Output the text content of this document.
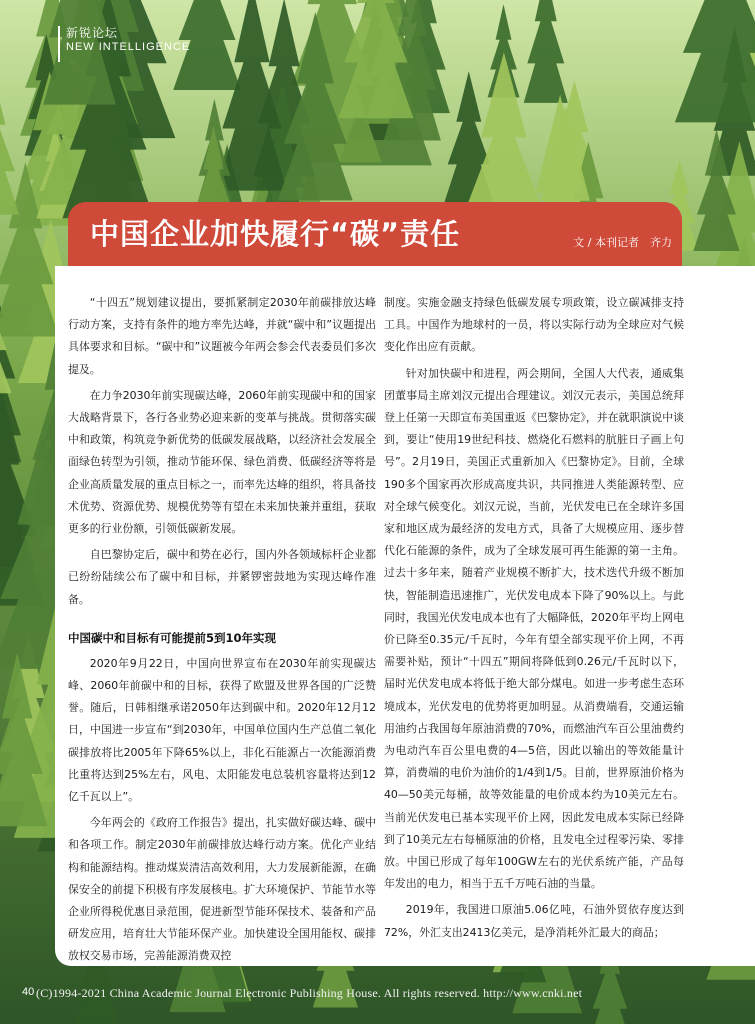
新锐论坛
NEW INTELLIGENCE
中国企业加快履行“碳”责任	文 / 本刊记者　齐力

“十四五”规划建议提出，要抓紧制定2030年前碳排放达峰行动方案，支持有条件的地方率先达峰，并就“碳中和”议题提出具体要求和目标。“碳中和”议题被今年两会参会代表委员们多次提及。

在力争2030年前实现碳达峰，2060年前实现碳中和的国家大战略背景下，各行各业势必迎来新的变革与挑战。贯彻落实碳中和政策，构筑竞争新优势的低碳发展战略，以经济社会发展全面绿色转型为引领，推动节能环保、绿色消费、低碳经济等将是企业高质量发展的重点目标之一，而率先达峰的组织，将具备技术优势、资源优势、规模优势等有望在未来加快兼并重组，获取更多的行业份额，引领低碳新发展。

自巴黎协定后，碳中和势在必行，国内外各领域标杆企业都已纷纷陆续公布了碳中和目标，并紧锣密鼓地为实现达峰作准备。

中国碳中和目标有可能提前5到10年实现

2020年9月22日，中国向世界宣布在2030年前实现碳达峰、2060年前碳中和的目标，获得了欧盟及世界各国的广泛赞誉。随后，日韩相继承诺2050年达到碳中和。2020年12月12日，中国进一步宣布“到2030年，中国单位国内生产总值二氧化碳排放将比2005年下降65%以上，非化石能源占一次能源消费比重将达到25%左右，风电、太阳能发电总装机容量将达到12亿千瓦以上”。

今年两会的《政府工作报告》提出，扎实做好碳达峰、碳中和各项工作。制定2030年前碳排放达峰行动方案。优化产业结构和能源结构。推动煤炭清洁高效利用，大力发展新能源，在确保安全的前提下积极有序发展核电。扩大环境保护、节能节水等企业所得税优惠目录范围，促进新型节能环保技术、装备和产品研发应用，培育壮大节能环保产业。加快建设全国用能权、碳排放权交易市场，完善能源消费双控

制度。实施金融支持绿色低碳发展专项政策，设立碳减排支持工具。中国作为地球村的一员，将以实际行动为全球应对气候变化作出应有贡献。

针对加快碳中和进程，两会期间，全国人大代表，通威集团董事局主席刘汉元提出合理建议。刘汉元表示，美国总统拜登上任第一天即宣布美国重返《巴黎协定》，并在就职演说中谈到，要让“使用19世纪科技、燃烧化石燃料的肮脏日子画上句号”。2月19日，美国正式重新加入《巴黎协定》。目前，全球190多个国家再次形成高度共识，共同推进人类能源转型、应对全球气候变化。刘汉元说，当前，光伏发电已在全球许多国家和地区成为最经济的发电方式，具备了大规模应用、逐步替代化石能源的条件，成为了全球发展可再生能源的第一主角。过去十多年来，随着产业规模不断扩大，技术迭代升级不断加快，智能制造迅速推广，光伏发电成本下降了90%以上。与此同时，我国光伏发电成本也有了大幅降低，2020年平均上网电价已降至0.35元/千瓦时，今年有望全部实现平价上网，不再需要补贴，预计“十四五”期间将降低到0.26元/千瓦时以下，届时光伏发电成本将低于绝大部分煤电。如进一步考虑生态环境成本，光伏发电的优势将更加明显。从消费端看，交通运输用油约占我国每年原油消费的70%，而燃油汽车百公里油费约为电动汽车百公里电费的4—5倍，因此以输出的等效能量计算，消费端的电价为油价的1/4到1/5。目前，世界原油价格为40—50美元每桶，故等效能量的电价成本约为10美元左右。当前光伏发电已基本实现平价上网，因此发电成本实际已经降到了10美元左右每桶原油的价格，且发电全过程零污染、零排放。中国已形成了每年100GW左右的光伏系统产能，产品每年发出的电力，相当于五千万吨石油的当量。

2019年，我国进口原油5.06亿吨，石油外贸依存度达到72%，外汇支出2413亿美元，是净消耗外汇最大的商品；

40 (C)1994-2021 China Academic Journal Electronic Publishing House. All rights reserved. http://www.cnki.net
